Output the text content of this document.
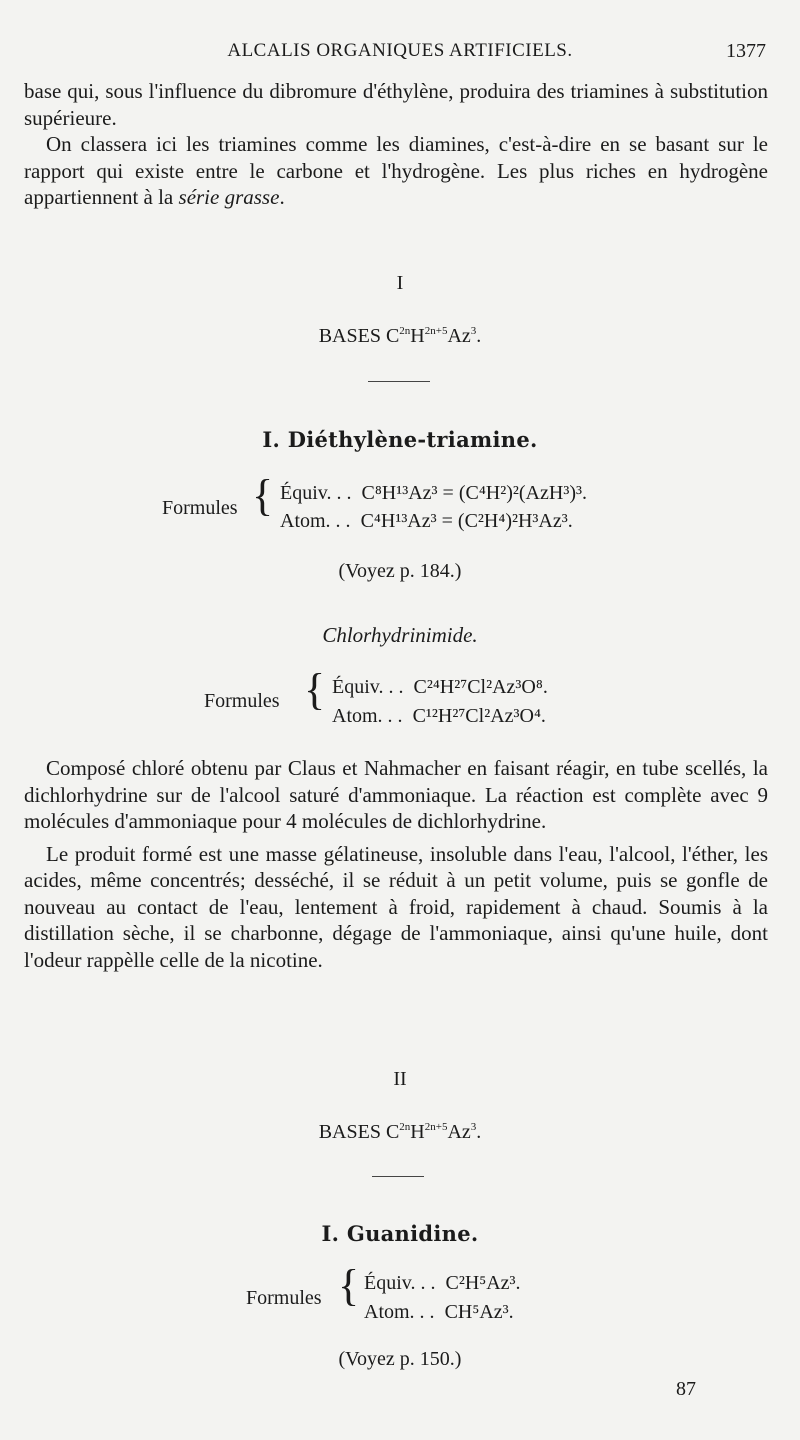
ALCALIS ORGANIQUES ARTIFICIELS.	1377

base qui, sous l'influence du dibromure d'éthylène, produira des triamines à substitution supérieure.

On classera ici les triamines comme les diamines, c'est-à-dire en se basant sur le rapport qui existe entre le carbone et l'hydrogène. Les plus riches en hydrogène appartiennent à la série grasse.

I
BASES $C^{2n}H^{2n+5}Az^3$.
I. Diéthylène-triamine.
Formules { Équiv. . . C⁸H¹³Az³ = (C⁴H²)²(AzH³)³.
Atom. . . C⁴H¹³Az³ = (C²H⁴)²H³Az³.
(Voyez p. 184.)
Chlorhydrinimide.
Formules { Équiv. . . C²⁴H²⁷Cl²Az³O⁸.
Atom. . . C¹²H²⁷Cl²Az³O⁴.

Composé chloré obtenu par Claus et Nahmacher en faisant réagir, en tube scellés, la dichlorhydrine sur de l'alcool saturé d'ammoniaque. La réaction est complète avec 9 molécules d'ammoniaque pour 4 molécules de dichlorhydrine.

Le produit formé est une masse gélatineuse, insoluble dans l'eau, l'alcool, l'éther, les acides, même concentrés; desséché, il se réduit à un petit volume, puis se gonfle de nouveau au contact de l'eau, lentement à froid, rapidement à chaud. Soumis à la distillation sèche, il se charbonne, dégage de l'ammoniaque, ainsi qu'une huile, dont l'odeur rappèlle celle de la nicotine.

II
BASES $C^{2n}H^{2n+5}Az^3$.
I. Guanidine.
Formules { Équiv. . . C²H⁵Az³.
Atom. . . CH⁵Az³.
(Voyez p. 150.)
87
